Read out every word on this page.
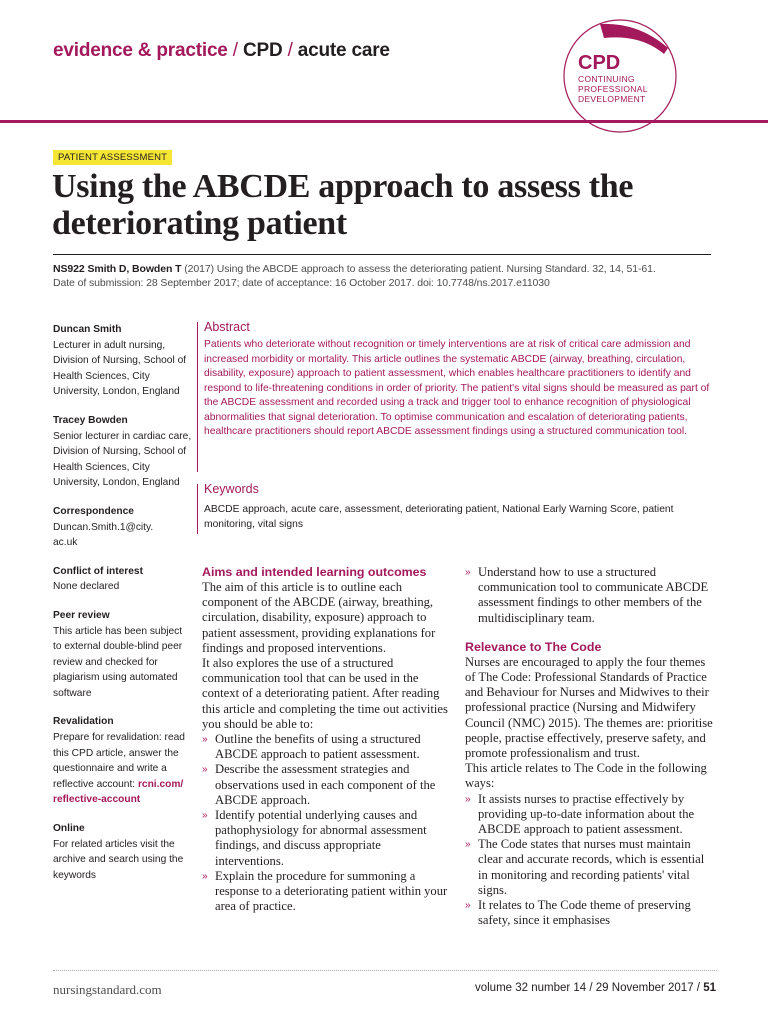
evidence & practice / CPD / acute care
CPD
CONTINUING
PROFESSIONAL
DEVELOPMENT
PATIENT ASSESSMENT
Using the ABCDE approach to assess the deteriorating patient
NS922 Smith D, Bowden T (2017) Using the ABCDE approach to assess the deteriorating patient. Nursing Standard. 32, 14, 51-61.
Date of submission: 28 September 2017; date of acceptance: 16 October 2017. doi: 10.7748/ns.2017.e11030
Duncan Smith
Lecturer in adult nursing, Division of Nursing, School of Health Sciences, City University, London, England
Tracey Bowden
Senior lecturer in cardiac care, Division of Nursing, School of Health Sciences, City University, London, England
Correspondence
Duncan.Smith.1@city.
ac.uk
Conflict of interest
None declared
Peer review
This article has been subject to external double-blind peer review and checked for plagiarism using automated software
Revalidation
Prepare for revalidation: read this CPD article, answer the questionnaire and write a reflective account: rcni.com/ reflective-account
Online
For related articles visit the archive and search using the keywords
Abstract
Patients who deteriorate without recognition or timely interventions are at risk of critical care admission and increased morbidity or mortality. This article outlines the systematic ABCDE (airway, breathing, circulation, disability, exposure) approach to patient assessment, which enables healthcare practitioners to identify and respond to life-threatening conditions in order of priority. The patient's vital signs should be measured as part of the ABCDE assessment and recorded using a track and trigger tool to enhance recognition of physiological abnormalities that signal deterioration. To optimise communication and escalation of deteriorating patients, healthcare practitioners should report ABCDE assessment findings using a structured communication tool.
Keywords
ABCDE approach, acute care, assessment, deteriorating patient, National Early Warning Score, patient monitoring, vital signs
Aims and intended learning outcomes

The aim of this article is to outline each component of the ABCDE (airway, breathing, circulation, disability, exposure) approach to patient assessment, providing explanations for findings and proposed interventions.

It also explores the use of a structured communication tool that can be used in the context of a deteriorating patient. After reading this article and completing the time out activities you should be able to:

» Outline the benefits of using a structured ABCDE approach to patient assessment.
» Describe the assessment strategies and observations used in each component of the ABCDE approach.
» Identify potential underlying causes and pathophysiology for abnormal assessment findings, and discuss appropriate interventions.
» Explain the procedure for summoning a response to a deteriorating patient within your area of practice.
» Understand how to use a structured communication tool to communicate ABCDE assessment findings to other members of the multidisciplinary team.
Relevance to The Code

Nurses are encouraged to apply the four themes of The Code: Professional Standards of Practice and Behaviour for Nurses and Midwives to their professional practice (Nursing and Midwifery Council (NMC) 2015). The themes are: prioritise people, practise effectively, preserve safety, and promote professionalism and trust.

This article relates to The Code in the following ways:

» It assists nurses to practise effectively by providing up-to-date information about the ABCDE approach to patient assessment.
» The Code states that nurses must maintain clear and accurate records, which is essential in monitoring and recording patients' vital signs.
» It relates to The Code theme of preserving safety, since it emphasises
nursingstandard.com	volume 32 number 14 / 29 November 2017 / 51
